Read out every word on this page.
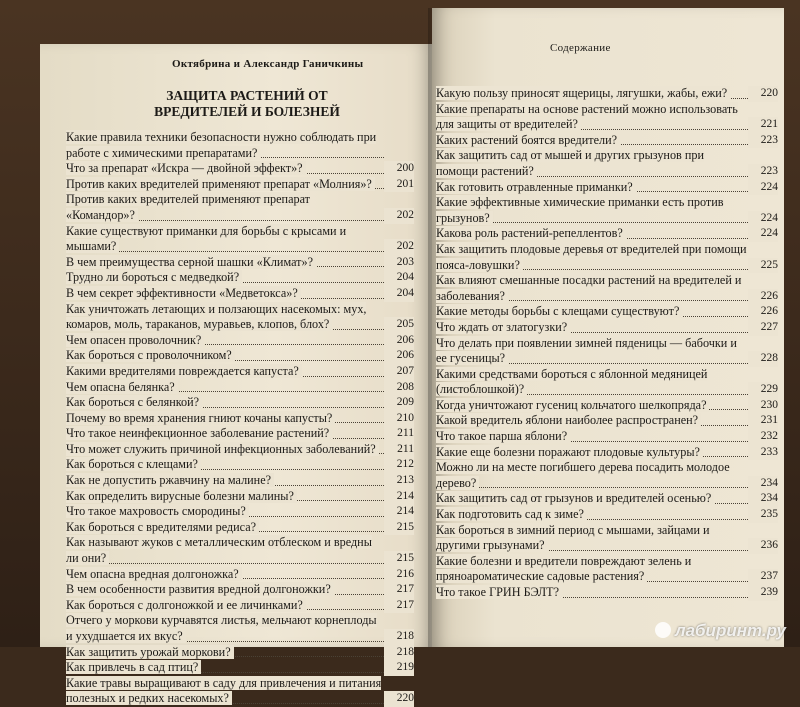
Октябрина и Александр Ганичкины
ЗАЩИТА РАСТЕНИЙ ОТ ВРЕДИТЕЛЕЙ И БОЛЕЗНЕЙ
Какие правила техники безопасности нужно соблюдать при работе с химическими препаратами?
Что за препарат «Искра — двойной эффект»?	200
Против каких вредителей применяют препарат «Молния»?	201
Против каких вредителей применяют препарат «Командор»?	202
Какие существуют приманки для борьбы с крысами и мышами?	202
В чем преимущества серной шашки «Климат»?	203
Трудно ли бороться с медведкой?	204
В чем секрет эффективности «Медветокса»?	204
Как уничтожать летающих и ползающих насекомых: мух, комаров, моль, тараканов, муравьев, клопов, блох?	205
Чем опасен проволочник?	206
Как бороться с проволочником?	206
Какими вредителями повреждается капуста?	207
Чем опасна белянка?	208
Как бороться с белянкой?	209
Почему во время хранения гниют кочаны капусты?	210
Что такое неинфекционное заболевание растений?	211
Что может служить причиной инфекционных заболеваний?	211
Как бороться с клещами?	212
Как не допустить ржавчину на малине?	213
Как определить вирусные болезни малины?	214
Что такое махровость смородины?	214
Как бороться с вредителями редиса?	215
Как называют жуков с металлическим отблеском и вредны ли они?	215
Чем опасна вредная долгоножка?	216
В чем особенности развития вредной долгоножки?	217
Как бороться с долгоножкой и ее личинками?	217
Отчего у моркови курчавятся листья, мельчают корнеплоды и ухудшается их вкус?	218
Как защитить урожай моркови?	218
Как привлечь в сад птиц?	219
Какие травы выращивают в саду для привлечения и питания полезных и редких насекомых?	220
Содержание
Какую пользу приносят ящерицы, лягушки, жабы, ежи?	220
Какие препараты на основе растений можно использовать для защиты от вредителей?	221
Каких растений боятся вредители?	223
Как защитить сад от мышей и других грызунов при помощи растений?	223
Как готовить отравленные приманки?	224
Какие эффективные химические приманки есть против грызунов?	224
Какова роль растений-репеллентов?	224
Как защитить плодовые деревья от вредителей при помощи пояса-ловушки?	225
Как влияют смешанные посадки растений на вредителей и заболевания?	226
Какие методы борьбы с клещами существуют?	226
Что ждать от златогузки?	227
Что делать при появлении зимней пяденицы — бабочки и ее гусеницы?	228
Какими средствами бороться с яблонной медяницей (листоблошкой)?	229
Когда уничтожают гусениц кольчатого шелкопряда?	230
Какой вредитель яблони наиболее распространен?	231
Что такое парша яблони?	232
Какие еще болезни поражают плодовые культуры?	233
Можно ли на месте погибшего дерева посадить молодое дерево?	234
Как защитить сад от грызунов и вредителей осенью?	234
Как подготовить сад к зиме?	235
Как бороться в зимний период с мышами, зайцами и другими грызунами?	236
Какие болезни и вредители повреждают зелень и пряноароматические садовые растения?	237
Что такое ГРИН БЭЛТ?	239
лабиринт.ру
